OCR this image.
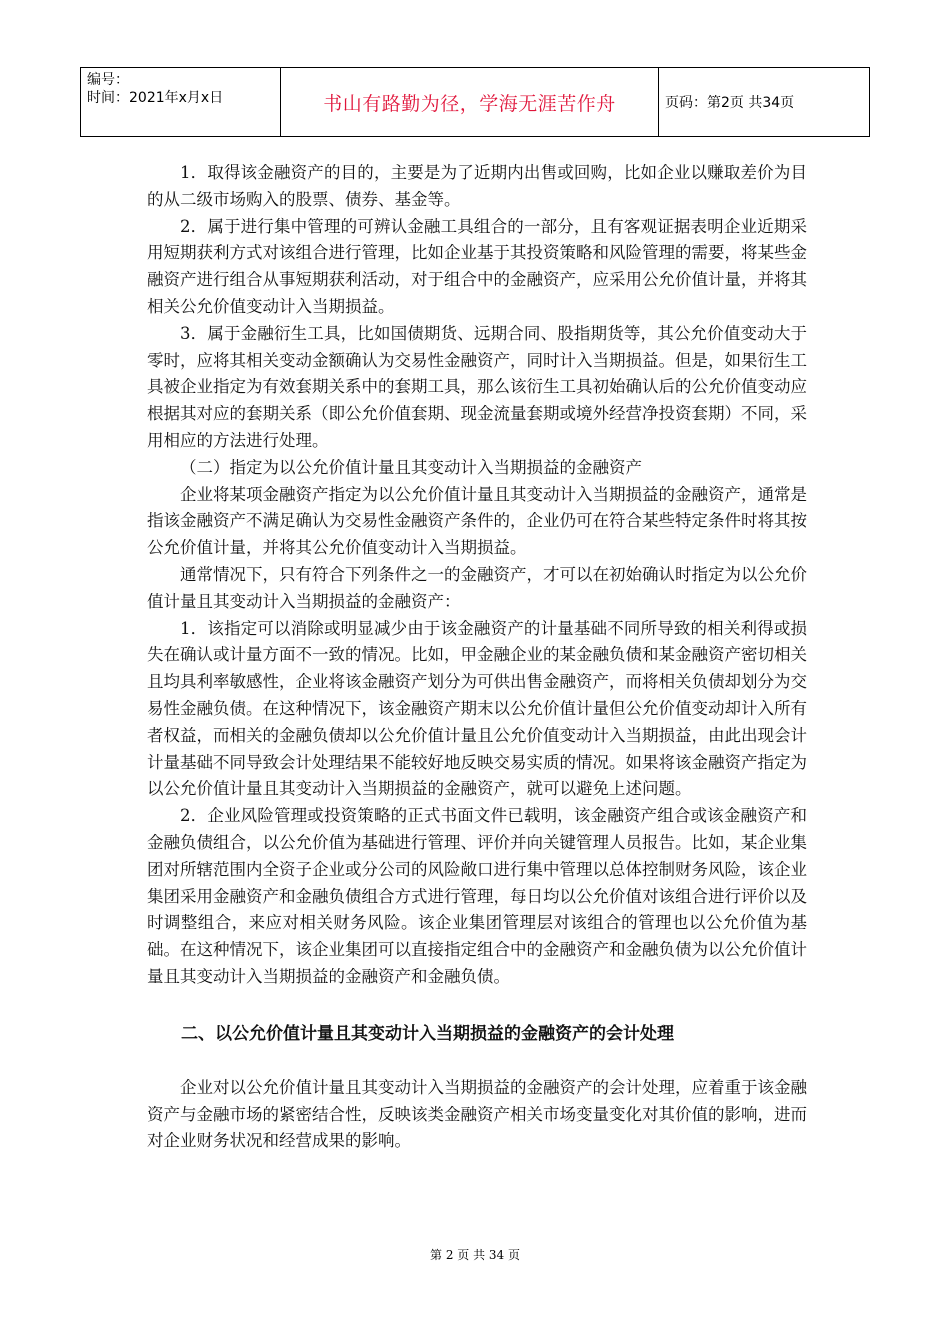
编号：
时间：2021年x月x日	书山有路勤为径，学海无涯苦作舟	页码：第2页 共34页

1．取得该金融资产的目的，主要是为了近期内出售或回购，比如企业以赚取差价为目的从二级市场购入的股票、债券、基金等。

2．属于进行集中管理的可辨认金融工具组合的一部分，且有客观证据表明企业近期采用短期获利方式对该组合进行管理，比如企业基于其投资策略和风险管理的需要，将某些金融资产进行组合从事短期获利活动，对于组合中的金融资产，应采用公允价值计量，并将其相关公允价值变动计入当期损益。

3．属于金融衍生工具，比如国债期货、远期合同、股指期货等，其公允价值变动大于零时，应将其相关变动金额确认为交易性金融资产，同时计入当期损益。但是，如果衍生工具被企业指定为有效套期关系中的套期工具，那么该衍生工具初始确认后的公允价值变动应根据其对应的套期关系（即公允价值套期、现金流量套期或境外经营净投资套期）不同，采用相应的方法进行处理。

（二）指定为以公允价值计量且其变动计入当期损益的金融资产

企业将某项金融资产指定为以公允价值计量且其变动计入当期损益的金融资产，通常是指该金融资产不满足确认为交易性金融资产条件的，企业仍可在符合某些特定条件时将其按公允价值计量，并将其公允价值变动计入当期损益。

通常情况下，只有符合下列条件之一的金融资产，才可以在初始确认时指定为以公允价值计量且其变动计入当期损益的金融资产：

1．该指定可以消除或明显减少由于该金融资产的计量基础不同所导致的相关利得或损失在确认或计量方面不一致的情况。比如，甲金融企业的某金融负债和某金融资产密切相关且均具利率敏感性，企业将该金融资产划分为可供出售金融资产，而将相关负债却划分为交易性金融负债。在这种情况下，该金融资产期末以公允价值计量但公允价值变动却计入所有者权益，而相关的金融负债却以公允价值计量且公允价值变动计入当期损益，由此出现会计计量基础不同导致会计处理结果不能较好地反映交易实质的情况。如果将该金融资产指定为以公允价值计量且其变动计入当期损益的金融资产，就可以避免上述问题。

2．企业风险管理或投资策略的正式书面文件已载明，该金融资产组合或该金融资产和金融负债组合，以公允价值为基础进行管理、评价并向关键管理人员报告。比如，某企业集团对所辖范围内全资子企业或分公司的风险敞口进行集中管理以总体控制财务风险，该企业集团采用金融资产和金融负债组合方式进行管理，每日均以公允价值对该组合进行评价以及时调整组合，来应对相关财务风险。该企业集团管理层对该组合的管理也以公允价值为基础。在这种情况下，该企业集团可以直接指定组合中的金融资产和金融负债为以公允价值计量且其变动计入当期损益的金融资产和金融负债。

二、以公允价值计量且其变动计入当期损益的金融资产的会计处理

企业对以公允价值计量且其变动计入当期损益的金融资产的会计处理，应着重于该金融资产与金融市场的紧密结合性，反映该类金融资产相关市场变量变化对其价值的影响，进而对企业财务状况和经营成果的影响。

第 2 页 共 34 页
